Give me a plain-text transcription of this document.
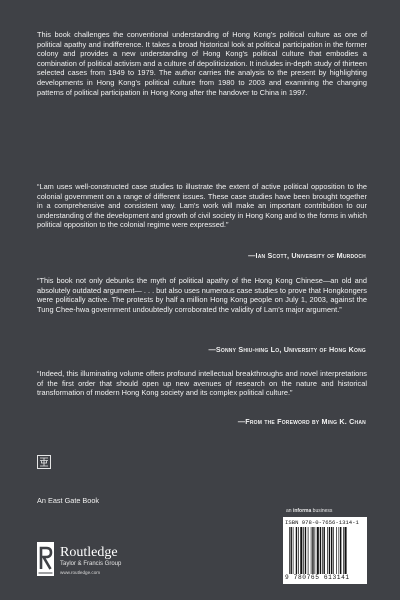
This book challenges the conventional understanding of Hong Kong's political culture as one of political apathy and indifference. It takes a broad historical look at political participation in the former colony and provides a new understanding of Hong Kong's political culture that embodies a combination of political activism and a culture of depoliticization. It includes in-depth study of thirteen selected cases from 1949 to 1979. The author carries the analysis to the present by highlighting developments in Hong Kong's political culture from 1980 to 2003 and examining the changing patterns of political participation in Hong Kong after the handover to China in 1997.

“Lam uses well-constructed case studies to illustrate the extent of active political opposition to the colonial government on a range of different issues. These case studies have been brought together in a comprehensive and consistent way. Lam's work will make an important contribution to our understanding of the development and growth of civil society in Hong Kong and to the forms in which political opposition to the colonial regime were expressed.”

—Ian Scott, University of Murdoch

“This book not only debunks the myth of political apathy of the Hong Kong Chinese—an old and absolutely outdated argument— . . . but also uses numerous case studies to prove that Hongkongers were politically active. The protests by half a million Hong Kong people on July 1, 2003, against the Tung Chee-hwa government undoubtedly corroborated the validity of Lam's major argument.”

—Sonny Shiu-hing Lo, University of Hong Kong

“Indeed, this illuminating volume offers profound intellectual breakthroughs and novel interpretations of the first order that should open up new avenues of research on the nature and historical transformation of modern Hong Kong society and its complex political culture.”

—From the Foreword by Ming K. Chan

An East Gate Book

an informa business

Routledge

Taylor & Francis Group

www.routledge.com

ISBN 978-0-7656-1314-1

9 780765 613141
